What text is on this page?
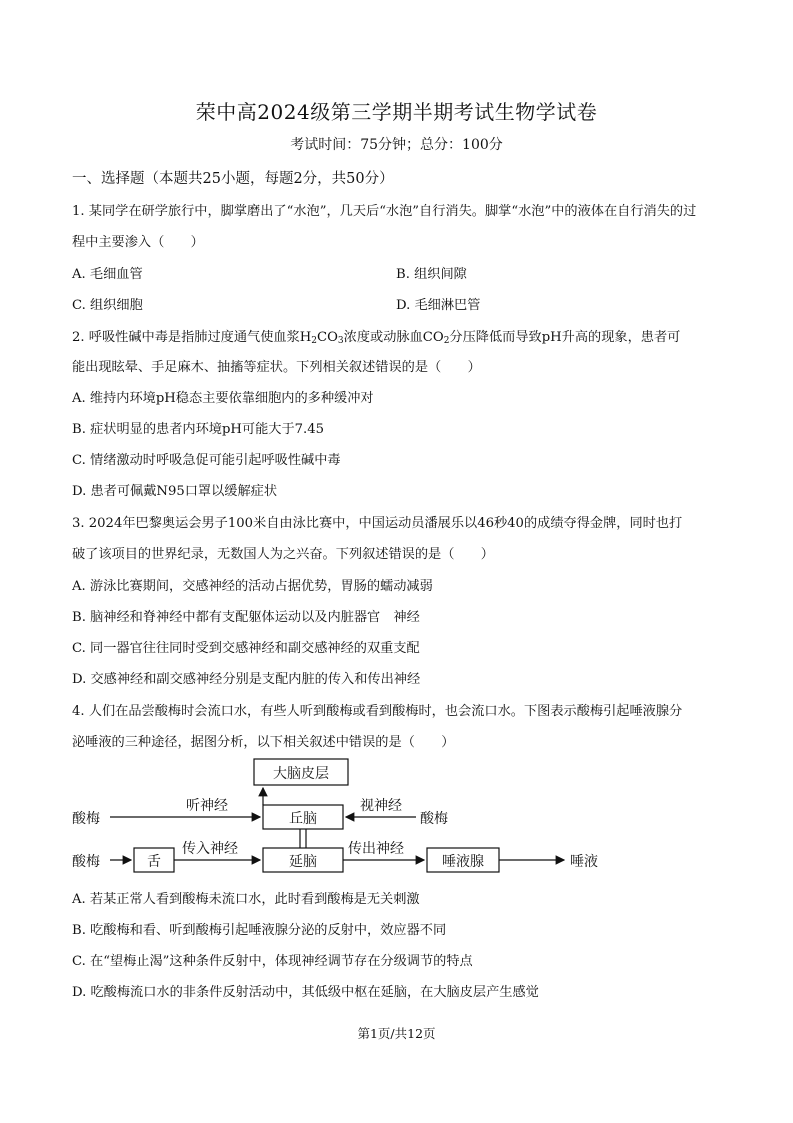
荣中高2024级第三学期半期考试生物学试卷
考试时间：75分钟；总分：100分
一、选择题（本题共25小题，每题2分，共50分）
1. 某同学在研学旅行中，脚掌磨出了“水泡”，几天后“水泡”自行消失。脚掌“水泡”中的液体在自行消失的过
程中主要渗入（　　）
A. 毛细血管	B. 组织间隙
C. 组织细胞	D. 毛细淋巴管
2. 呼吸性碱中毒是指肺过度通气使血浆$H_2CO_3$浓度或动脉血$CO_2$分压降低而导致pH升高的现象，患者可
能出现眩晕、手足麻木、抽搐等症状。下列相关叙述错误的是（　　）
A. 维持内环境pH稳态主要依靠细胞内的多种缓冲对
B. 症状明显的患者内环境pH可能大于7.45
C. 情绪激动时呼吸急促可能引起呼吸性碱中毒
D. 患者可佩戴N95口罩以缓解症状
3. 2024年巴黎奥运会男子100米自由泳比赛中，中国运动员潘展乐以46秒40的成绩夺得金牌，同时也打
破了该项目的世界纪录，无数国人为之兴奋。下列叙述错误的是（　　）
A. 游泳比赛期间，交感神经的活动占据优势，胃肠的蠕动减弱
B. 脑神经和脊神经中都有支配躯体运动以及内脏器官　神经
C. 同一器官往往同时受到交感神经和副交感神经的双重支配
D. 交感神经和副交感神经分别是支配内脏的传入和传出神经
4. 人们在品尝酸梅时会流口水，有些人听到酸梅或看到酸梅时，也会流口水。下图表示酸梅引起唾液腺分
泌唾液的三种途径，据图分析，以下相关叙述中错误的是（　　）
大脑皮层
丘脑
延脑
舌	唾液腺
酸梅	酸梅
酸梅	唾液
听神经	视神经
传入神经	传出神经
A. 若某正常人看到酸梅未流口水，此时看到酸梅是无关刺激
B. 吃酸梅和看、听到酸梅引起唾液腺分泌的反射中，效应器不同
C. 在“望梅止渴”这种条件反射中，体现神经调节存在分级调节的特点
D. 吃酸梅流口水的非条件反射活动中，其低级中枢在延脑，在大脑皮层产生感觉
第1页/共12页
